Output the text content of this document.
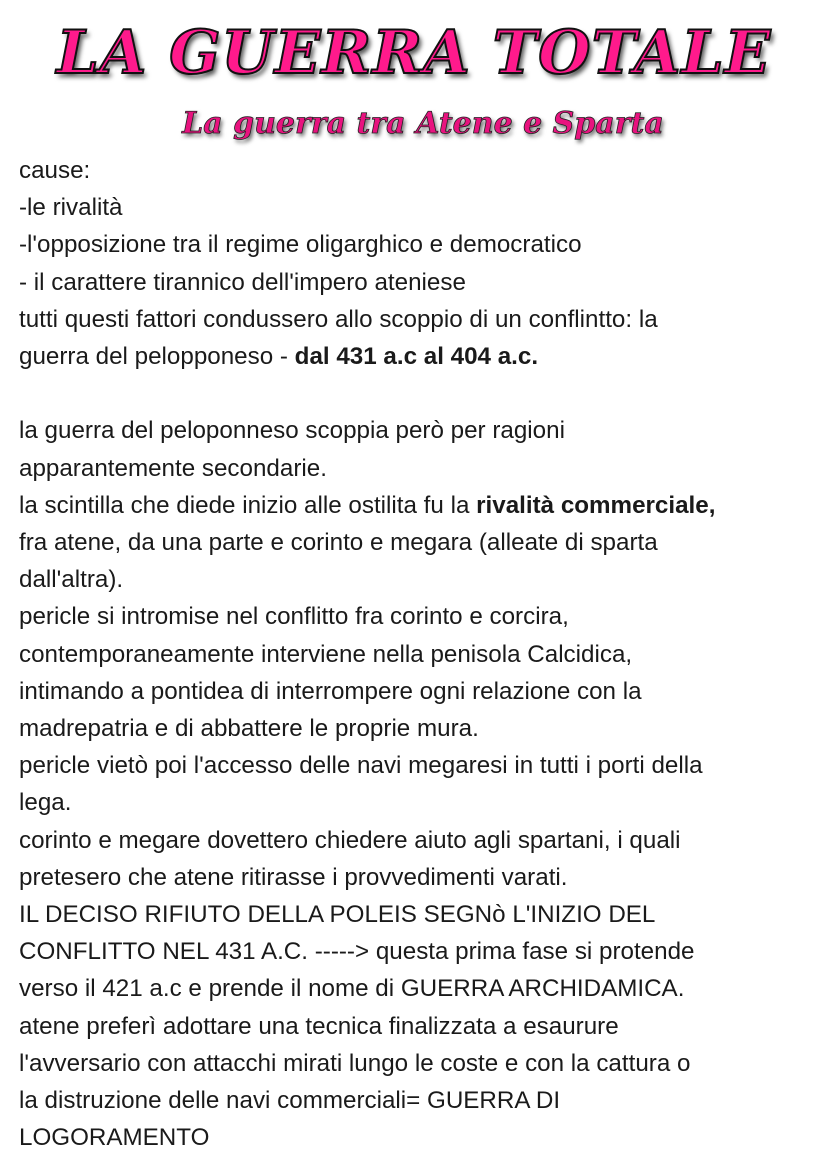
LA GUERRA TOTALE
La guerra tra Atene e Sparta
cause:
-le rivalità
-l'opposizione tra il regime oligarghico e democratico
- il carattere tirannico dell'impero ateniese
tutti questi fattori condussero allo scoppio di un conflintto: la
guerra del pelopponeso - dal 431 a.c al 404 a.c.
la guerra del peloponneso scoppia però per ragioni
apparantemente secondarie.
la scintilla che diede inizio alle ostilita fu la rivalità commerciale,
fra atene, da una parte e corinto e megara (alleate di sparta
dall'altra).
pericle si intromise nel conflitto fra corinto e corcira,
contemporaneamente interviene nella penisola Calcidica,
intimando a pontidea di interrompere ogni relazione con la
madrepatria e di abbattere le proprie mura.
pericle vietò poi l'accesso delle navi megaresi in tutti i porti della
lega.
corinto e megare dovettero chiedere aiuto agli spartani, i quali
pretesero che atene ritirasse i provvedimenti varati.
IL DECISO RIFIUTO DELLA POLEIS SEGNò L'INIZIO DEL
CONFLITTO NEL 431 A.C. -----> questa prima fase si protende
verso il 421 a.c e prende il nome di GUERRA ARCHIDAMICA.
atene preferì adottare una tecnica finalizzata a esaurure
l'avversario con attacchi mirati lungo le coste e con la cattura o
la distruzione delle navi commerciali= GUERRA DI
LOGORAMENTO
